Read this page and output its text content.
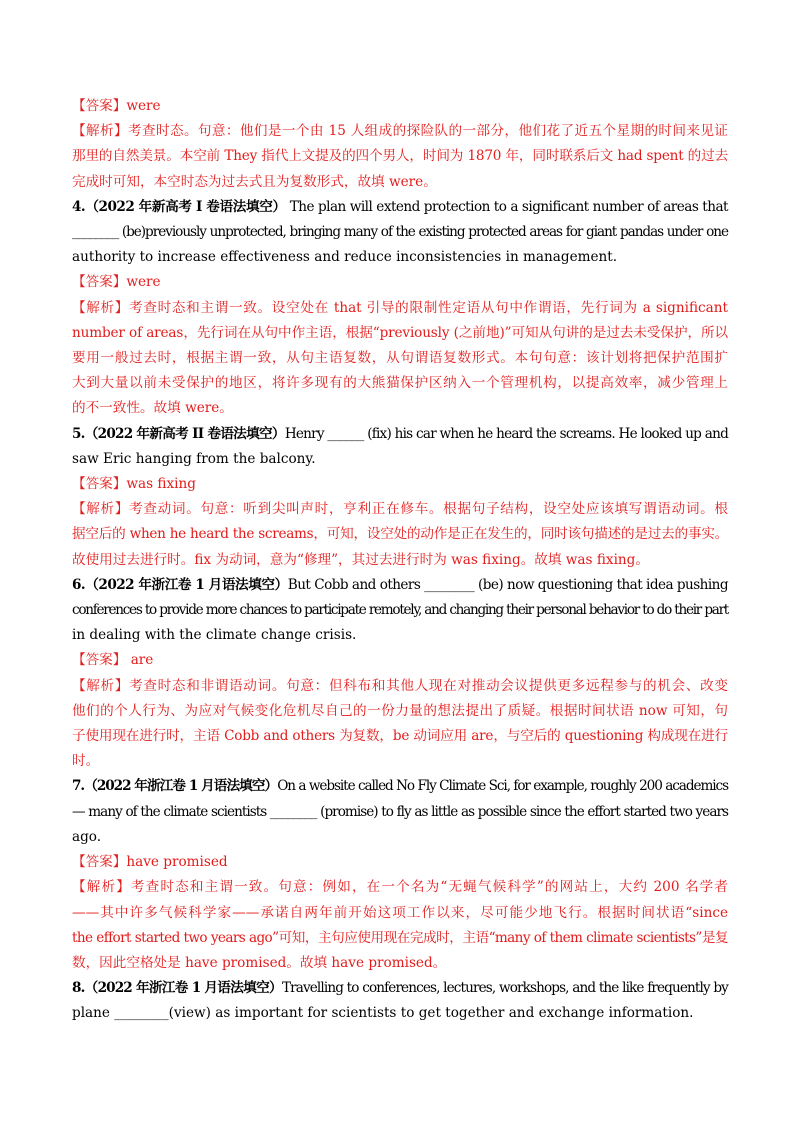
【答案】were
【解析】考查时态。句意：他们是一个由 15 人组成的探险队的一部分，他们花了近五个星期的时间来见证
那里的自然美景。本空前 They 指代上文提及的四个男人，时间为 1870 年，同时联系后文 had spent 的过去
完成时可知，本空时态为过去式且为复数形式，故填 were。
4.（2022 年新高考 I 卷语法填空） The plan will extend protection to a significant number of areas that
________ (be)previously unprotected, bringing many of the existing protected areas for giant pandas under one
authority to increase effectiveness and reduce inconsistencies in management.
【答案】were
【解析】考查时态和主谓一致。设空处在 that 引导的限制性定语从句中作谓语，先行词为 a significant
number of areas，先行词在从句中作主语，根据“previously (之前地)”可知从句讲的是过去未受保护，所以
要用一般过去时，根据主谓一致，从句主语复数，从句谓语复数形式。本句句意：该计划将把保护范围扩
大到大量以前未受保护的地区，将许多现有的大熊猫保护区纳入一个管理机构，以提高效率，减少管理上
的不一致性。故填 were。
5.（2022 年新高考 II 卷语法填空）Henry ______ (fix) his car when he heard the screams. He looked up and
saw Eric hanging from the balcony.
【答案】was fixing
【解析】考查动词。句意：听到尖叫声时，亨利正在修车。根据句子结构，设空处应该填写谓语动词。根
据空后的 when he heard the screams，可知，设空处的动作是正在发生的，同时该句描述的是过去的事实。
故使用过去进行时。fix 为动词，意为“修理”，其过去进行时为 was fixing。故填 was fixing。
6.（2022 年浙江卷 1 月语法填空）But Cobb and others ________ (be) now questioning that idea pushing
conferences to provide more chances to participate remotely, and changing their personal behavior to do their part
in dealing with the climate change crisis.
【答案】 are
【解析】考查时态和非谓语动词。句意：但科布和其他人现在对推动会议提供更多远程参与的机会、改变
他们的个人行为、为应对气候变化危机尽自己的一份力量的想法提出了质疑。根据时间状语 now 可知，句
子使用现在进行时，主语 Cobb and others 为复数，be 动词应用 are，与空后的 questioning 构成现在进行
时。
7.（2022 年浙江卷 1 月语法填空）On a website called No Fly Climate Sci, for example, roughly 200 academics
— many of the climate scientists ________ (promise) to fly as little as possible since the effort started two years
ago.
【答案】have promised
【解析】考查时态和主谓一致。句意：例如，在一个名为“无蝇气候科学”的网站上，大约 200 名学者
——其中许多气候科学家——承诺自两年前开始这项工作以来，尽可能少地飞行。根据时间状语“since
the effort started two years ago”可知，主句应使用现在完成时，主语“many of them climate scientists”是复
数，因此空格处是 have promised。故填 have promised。
8.（2022 年浙江卷 1 月语法填空）Travelling to conferences, lectures, workshops, and the like frequently by
plane ________(view) as important for scientists to get together and exchange information.
